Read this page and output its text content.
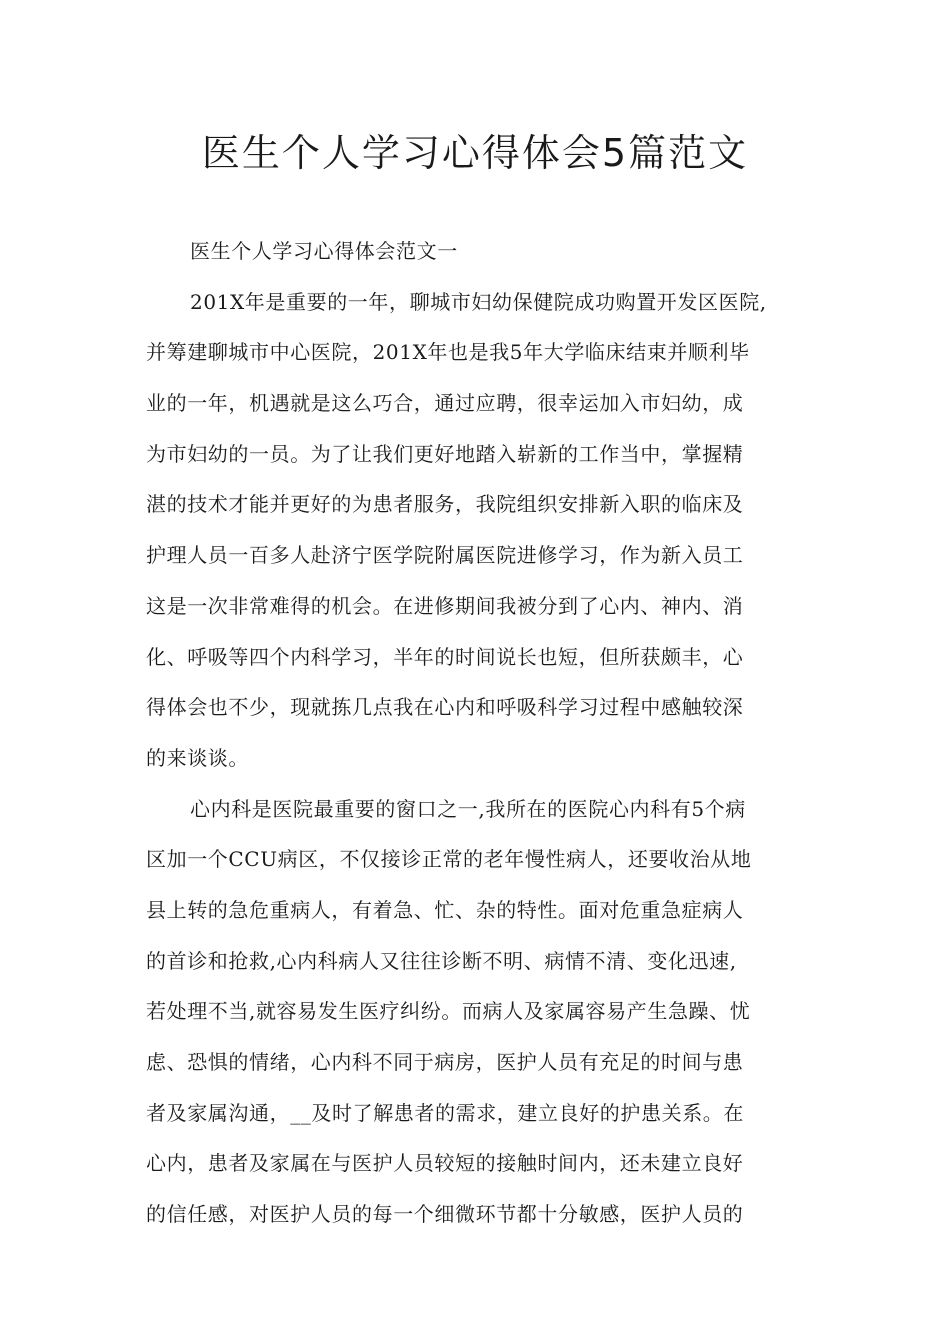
医生个人学习心得体会5篇范文
医生个人学习心得体会范文一
201X年是重要的一年，聊城市妇幼保健院成功购置开发区医院,
并筹建聊城市中心医院，201X年也是我5年大学临床结束并顺利毕
业的一年，机遇就是这么巧合，通过应聘，很幸运加入市妇幼，成
为市妇幼的一员。为了让我们更好地踏入崭新的工作当中，掌握精
湛的技术才能并更好的为患者服务，我院组织安排新入职的临床及
护理人员一百多人赴济宁医学院附属医院进修学习，作为新入员工
这是一次非常难得的机会。在进修期间我被分到了心内、神内、消
化、呼吸等四个内科学习，半年的时间说长也短，但所获颇丰，心
得体会也不少，现就拣几点我在心内和呼吸科学习过程中感触较深
的来谈谈。
心内科是医院最重要的窗口之一,我所在的医院心内科有5个病
区加一个CCU病区，不仅接诊正常的老年慢性病人，还要收治从地
县上转的急危重病人，有着急、忙、杂的特性。面对危重急症病人
的首诊和抢救,心内科病人又往往诊断不明、病情不清、变化迅速,
若处理不当,就容易发生医疗纠纷。而病人及家属容易产生急躁、忧
虑、恐惧的情绪，心内科不同于病房，医护人员有充足的时间与患
者及家属沟通，__及时了解患者的需求，建立良好的护患关系。在
心内，患者及家属在与医护人员较短的接触时间内，还未建立良好
的信任感，对医护人员的每一个细微环节都十分敏感，医护人员的
